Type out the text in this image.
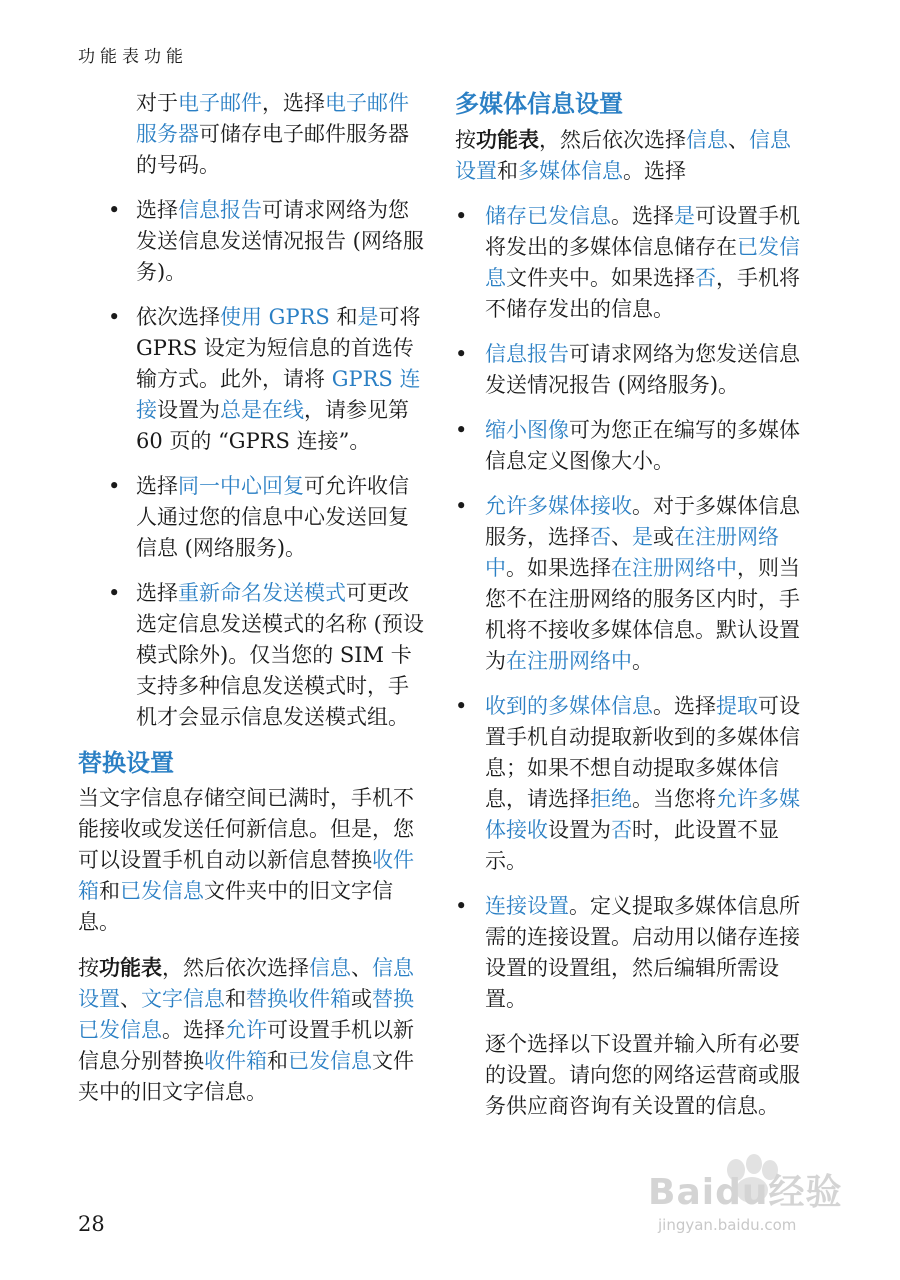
功能表功能

对于电子邮件，选择电子邮件服务器可储存电子邮件服务器的号码。

• 选择信息报告可请求网络为您发送信息发送情况报告 (网络服务)。
• 依次选择使用 GPRS 和是可将 GPRS 设定为短信息的首选传输方式。此外，请将 GPRS 连接设置为总是在线，请参见第 60 页的 “GPRS 连接”。
• 选择同一中心回复可允许收信人通过您的信息中心发送回复信息 (网络服务)。
• 选择重新命名发送模式可更改选定信息发送模式的名称 (预设模式除外)。仅当您的 SIM 卡支持多种信息发送模式时，手机才会显示信息发送模式组。
替换设置

当文字信息存储空间已满时，手机不能接收或发送任何新信息。但是，您可以设置手机自动以新信息替换收件箱和已发信息文件夹中的旧文字信息。

按功能表，然后依次选择信息、信息设置、文字信息和替换收件箱或替换已发信息。选择允许可设置手机以新信息分别替换收件箱和已发信息文件夹中的旧文字信息。

多媒体信息设置

按功能表，然后依次选择信息、信息设置和多媒体信息。选择

• 储存已发信息。选择是可设置手机将发出的多媒体信息储存在已发信息文件夹中。如果选择否，手机将不储存发出的信息。
• 信息报告可请求网络为您发送信息发送情况报告 (网络服务)。
• 缩小图像可为您正在编写的多媒体信息定义图像大小。
• 允许多媒体接收。对于多媒体信息服务，选择否、是或在注册网络中。如果选择在注册网络中，则当您不在注册网络的服务区内时，手机将不接收多媒体信息。默认设置为在注册网络中。
• 收到的多媒体信息。选择提取可设置手机自动提取新收到的多媒体信息；如果不想自动提取多媒体信息，请选择拒绝。当您将允许多媒体接收设置为否时，此设置不显示。
• 连接设置。定义提取多媒体信息所需的连接设置。启动用以储存连接设置的设置组，然后编辑所需设置。

逐个选择以下设置并输入所有必要的设置。请向您的网络运营商或服务供应商咨询有关设置的信息。

28
Baidu经验
jingyan.baidu.com
